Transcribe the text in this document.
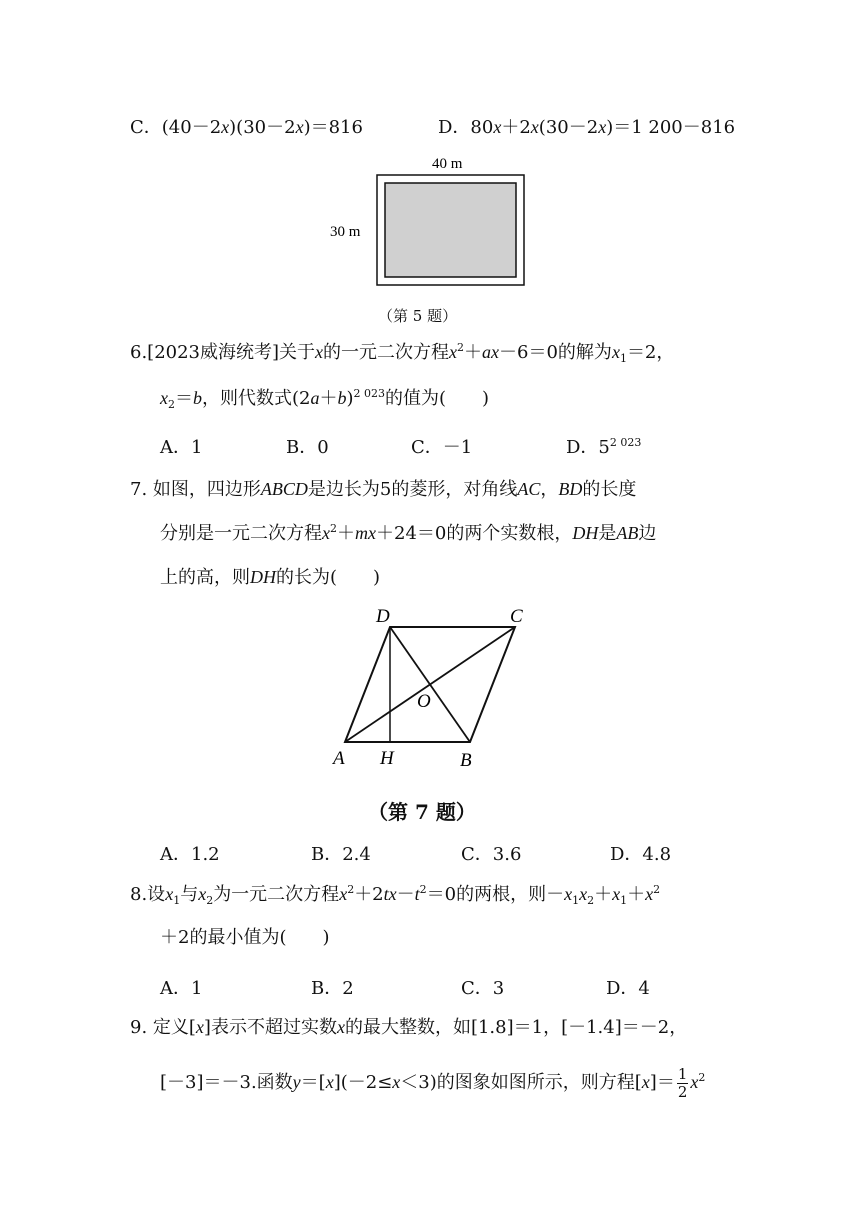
C．(40－2x)(30－2x)＝816	D．80x＋2x(30－2x)＝1 200－816
40 m
30 m
（第 5 题）
6.[2023威海统考]关于x的一元二次方程$x^2+ax-6=0$的解为$x_1=2$，
$x_2=b$，则代数式$(2a+b)^{2 023}$的值为(　　)
A．1	B．0	C．－1	D．$5^{2 023}$
7. 如图，四边形ABCD是边长为5的菱形，对角线AC，BD的长度
分别是一元二次方程$x^2+mx+24=0$的两个实数根，DH是AB边
上的高，则DH的长为(　　)
A H	B
C
D
O
（第 7 题）
A．1.2	B．2.4	C．3.6	D．4.8
8.设$x_1$与$x_2$为一元二次方程$x^2+2tx-t^2=0$的两根，则$-x_1x_2+x_1+x^2$
＋2的最小值为(　　)
A．1	B．2	C．3	D．4
9. 定义[x]表示不超过实数x的最大整数，如[1.8]＝1，[－1.4]＝－2，
[－3]＝－3.函数y＝[x](－2≤x＜3)的图象如图所示，则方程$[x]= \frac{1}{2} x^2$
